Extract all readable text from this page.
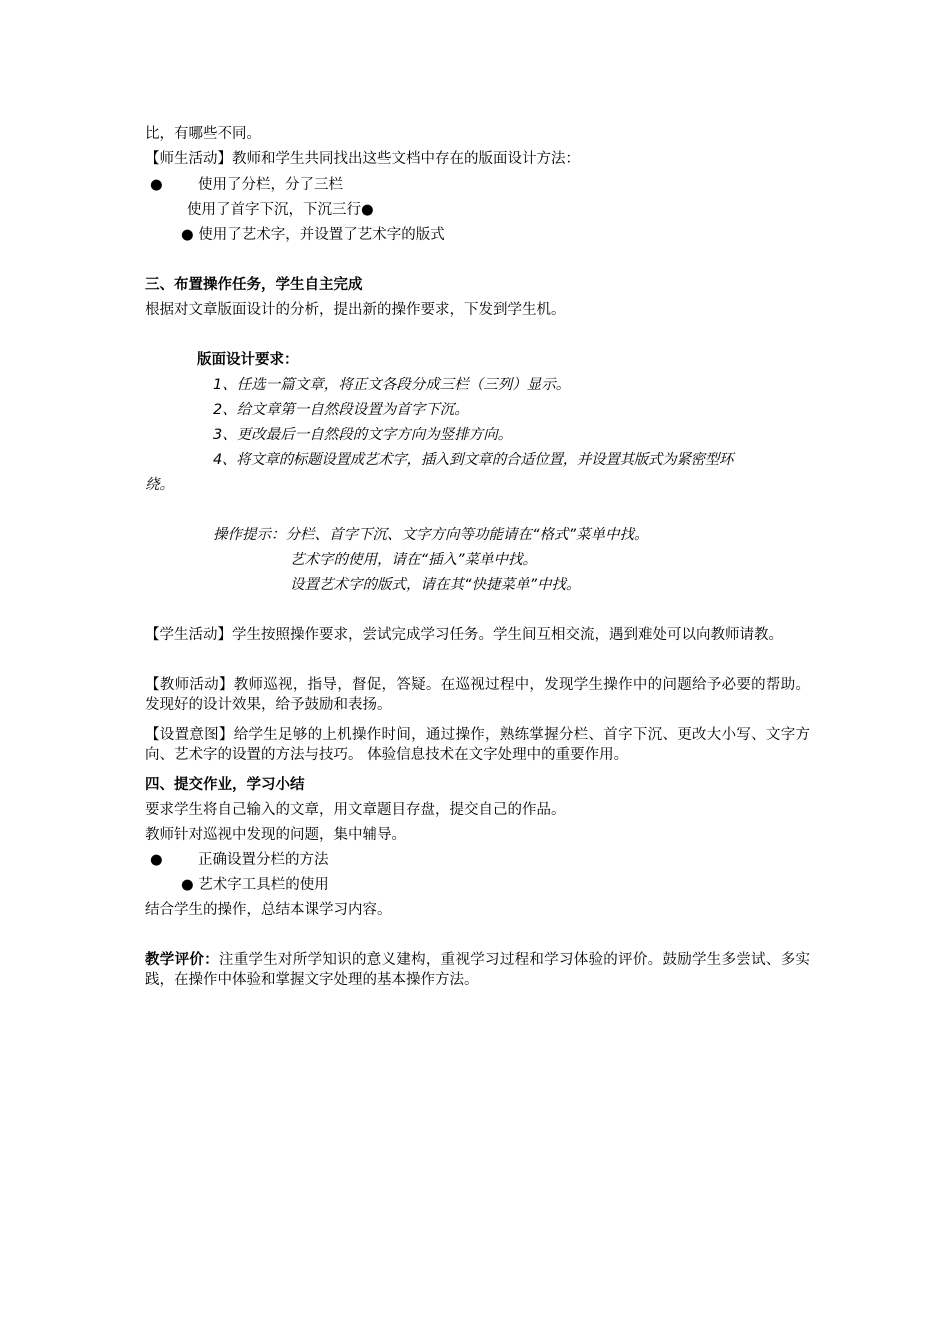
比，有哪些不同。
【师生活动】教师和学生共同找出这些文档中存在的版面设计方法：
● 使用了分栏，分了三栏
使用了首字下沉，下沉三行●
● 使用了艺术字，并设置了艺术字的版式
三、布置操作任务，学生自主完成
根据对文章版面设计的分析，提出新的操作要求，下发到学生机。
版面设计要求：
1、任选一篇文章，将正文各段分成三栏（三列）显示。
2、给文章第一自然段设置为首字下沉。
3、更改最后一自然段的文字方向为竖排方向。
4、将文章的标题设置成艺术字，插入到文章的合适位置，并设置其版式为紧密型环
绕。
操作提示：分栏、首字下沉、文字方向等功能请在“格式”菜单中找。
艺术字的使用，请在“插入”菜单中找。
设置艺术字的版式，请在其“快捷菜单”中找。
【学生活动】学生按照操作要求，尝试完成学习任务。学生间互相交流，遇到难处可以向教师请教。
【教师活动】教师巡视，指导，督促，答疑。在巡视过程中，发现学生操作中的问题给予必要的帮助。发现好的设计效果，给予鼓励和表扬。
【设置意图】给学生足够的上机操作时间，通过操作，熟练掌握分栏、首字下沉、更改大小写、文字方向、艺术字的设置的方法与技巧。 体验信息技术在文字处理中的重要作用。
四、提交作业，学习小结
要求学生将自己输入的文章，用文章题目存盘，提交自己的作品。
教师针对巡视中发现的问题，集中辅导。
● 正确设置分栏的方法
● 艺术字工具栏的使用
结合学生的操作，总结本课学习内容。
教学评价：注重学生对所学知识的意义建构，重视学习过程和学习体验的评价。鼓励学生多尝试、多实践，在操作中体验和掌握文字处理的基本操作方法。
